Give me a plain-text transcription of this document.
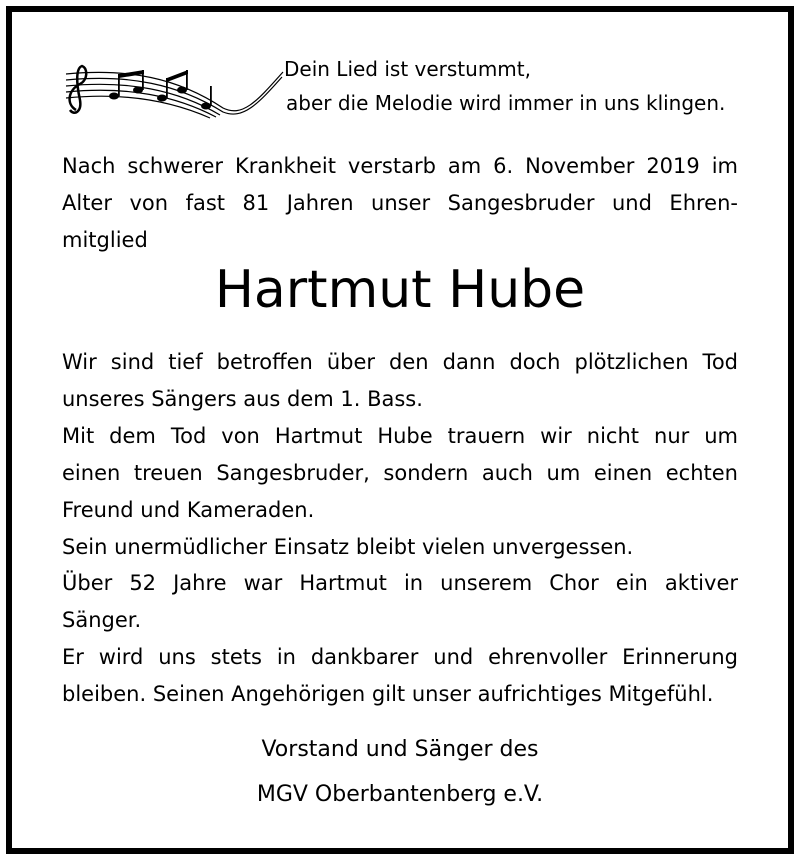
Dein Lied ist verstummt,
aber die Melodie wird immer in uns klingen.
Nach schwerer Krankheit verstarb am 6. November 2019 im
Alter von fast 81 Jahren unser Sangesbruder und Ehren-
mitglied
Hartmut Hube
Wir sind tief betroffen über den dann doch plötzlichen Tod
unseres Sängers aus dem 1. Bass.
Mit dem Tod von Hartmut Hube trauern wir nicht nur um
einen treuen Sangesbruder, sondern auch um einen echten
Freund und Kameraden.
Sein unermüdlicher Einsatz bleibt vielen unvergessen.
Über 52 Jahre war Hartmut in unserem Chor ein aktiver
Sänger.
Er wird uns stets in dankbarer und ehrenvoller Erinnerung
bleiben. Seinen Angehörigen gilt unser aufrichtiges Mitgefühl.
Vorstand und Sänger des
MGV Oberbantenberg e.V.
